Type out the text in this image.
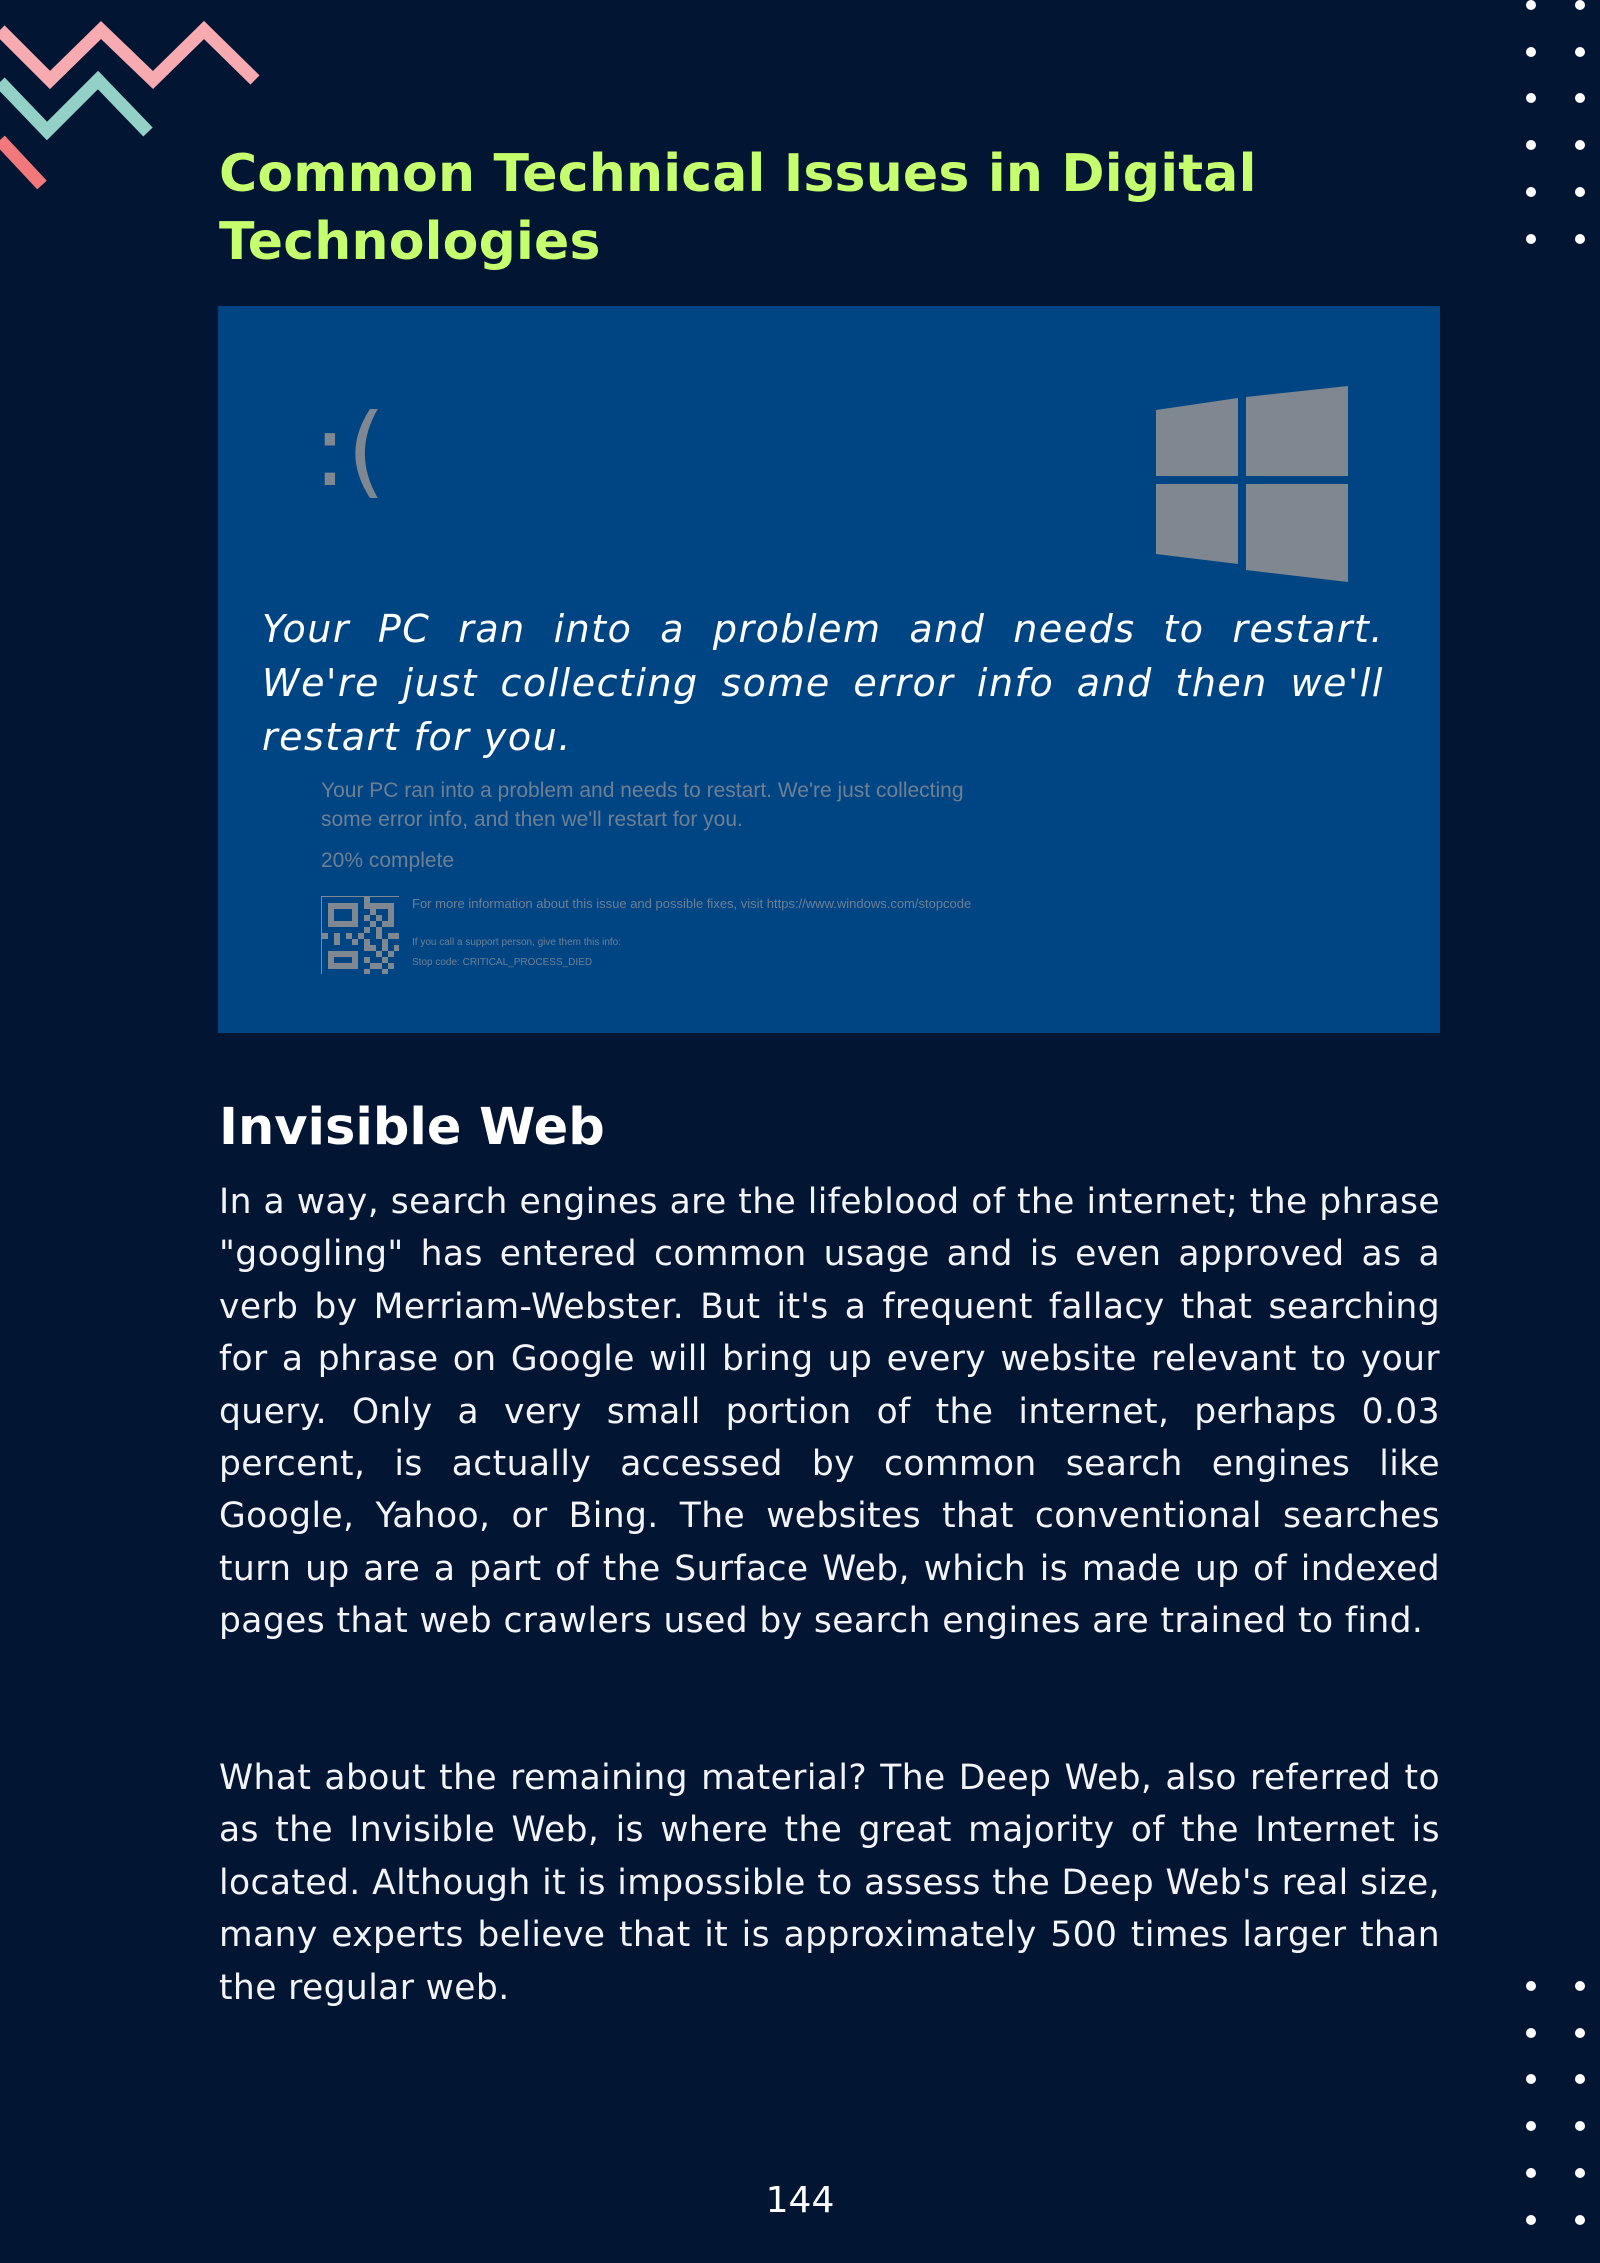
Common Technical Issues in Digital Technologies
:(

Your PC ran into a problem and needs to restart. We're just collecting some error info and then we'll restart for you.

Your PC ran into a problem and needs to restart. We're just collecting some error info, and then we'll restart for you.
20% complete
For more information about this issue and possible fixes, visit https://www.windows.com/stopcode
If you call a support person, give them this info:
Stop code: CRITICAL_PROCESS_DIED
Invisible Web

In a way, search engines are the lifeblood of the internet; the phrase "googling" has entered common usage and is even approved as a verb by Merriam-Webster. But it's a frequent fallacy that searching for a phrase on Google will bring up every website relevant to your query. Only a very small portion of the internet, perhaps 0.03 percent, is actually accessed by common search engines like Google, Yahoo, or Bing. The websites that conventional searches turn up are a part of the Surface Web, which is made up of indexed pages that web crawlers used by search engines are trained to find.

What about the remaining material? The Deep Web, also referred to as the Invisible Web, is where the great majority of the Internet is located. Although it is impossible to assess the Deep Web's real size, many experts believe that it is approximately 500 times larger than the regular web.

144
